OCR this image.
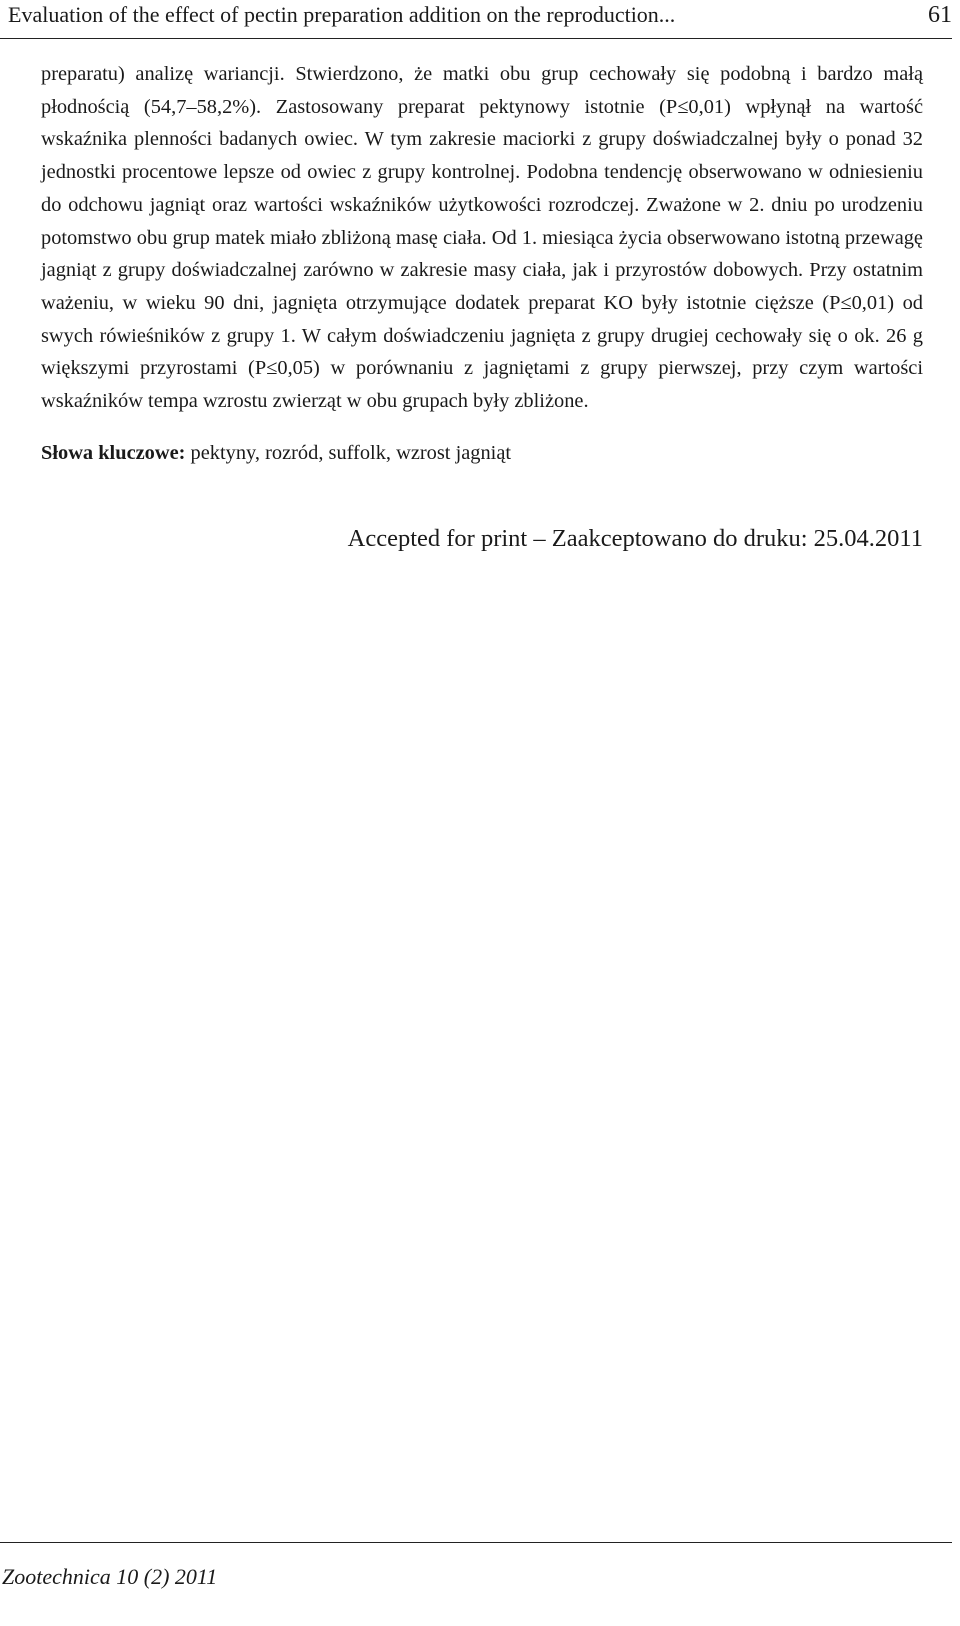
Evaluation of the effect of pectin preparation addition on the reproduction...	61

preparatu) analizę wariancji. Stwierdzono, że matki obu grup cechowały się podobną i bardzo małą płodnością (54,7–58,2%). Zastosowany preparat pektynowy istotnie (P≤0,01) wpłynął na wartość wskaźnika plenności badanych owiec. W tym zakresie maciorki z grupy doświadczalnej były o ponad 32 jednostki procentowe lepsze od owiec z grupy kontrolnej. Podobna tendencję obserwowano w odniesieniu do odchowu jagniąt oraz wartości wskaźników użytkowości rozrodczej. Zważone w 2. dniu po urodzeniu potomstwo obu grup matek miało zbliżoną masę ciała. Od 1. miesiąca życia obserwowano istotną przewagę jagniąt z grupy doświadczalnej zarówno w zakresie masy ciała, jak i przyrostów dobowych. Przy ostatnim ważeniu, w wieku 90 dni, jagnięta otrzymujące dodatek preparat KO były istotnie cięższe (P≤0,01) od swych rówieśników z grupy 1. W całym doświadczeniu jagnięta z grupy drugiej cechowały się o ok. 26 g większymi przyrostami (P≤0,05) w porównaniu z jagniętami z grupy pierwszej, przy czym wartości wskaźników tempa wzrostu zwierząt w obu grupach były zbliżone.

Słowa kluczowe: pektyny, rozród, suffolk, wzrost jagniąt

Accepted for print – Zaakceptowano do druku: 25.04.2011
Zootechnica 10 (2) 2011
